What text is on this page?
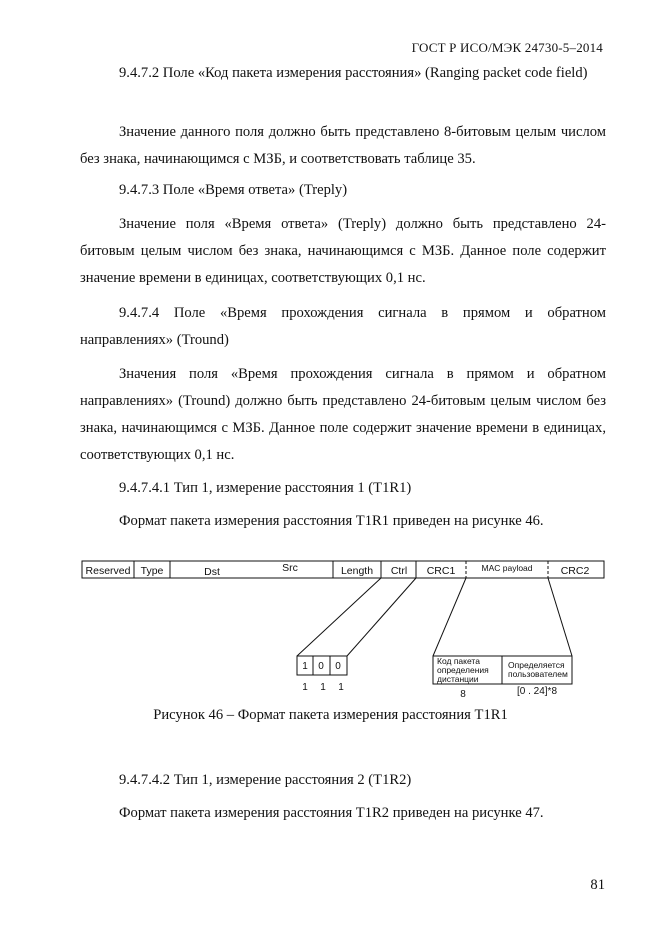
ГОСТ Р ИСО/МЭК 24730-5–2014

9.4.7.2 Поле «Код пакета измерения расстояния» (Ranging packet code field)

Значение данного поля должно быть представлено 8-битовым целым числом без знака, начинающимся с МЗБ, и соответствовать таблице 35.

9.4.7.3 Поле «Время ответа» (Treply)

Значение поля «Время ответа» (Treply) должно быть представлено 24-битовым целым числом без знака, начинающимся с МЗБ. Данное поле содержит значение времени в единицах, соответствующих 0,1 нс.

9.4.7.4 Поле «Время прохождения сигнала в прямом и обратном направлениях» (Tround)

Значения поля «Время прохождения сигнала в прямом и обратном направлениях» (Tround) должно быть представлено 24-битовым целым числом без знака, начинающимся с МЗБ. Данное поле содержит значение времени в единицах, соответствующих 0,1 нс.

9.4.7.4.1 Тип 1, измерение расстояния 1 (T1R1)

Формат пакета измерения расстояния T1R1 приведен на рисунке 46.

Reserved Type	Dst	Src	Length Ctrl CRC1	MAC payload	CRC2
1 0 0
1 1 1
Код пакета
определения
дистанции
Определяется
пользователем
8	[0 . 24]*8
Рисунок 46 – Формат пакета измерения расстояния T1R1

9.4.7.4.2 Тип 1, измерение расстояния 2 (T1R2)

Формат пакета измерения расстояния T1R2 приведен на рисунке 47.

81
